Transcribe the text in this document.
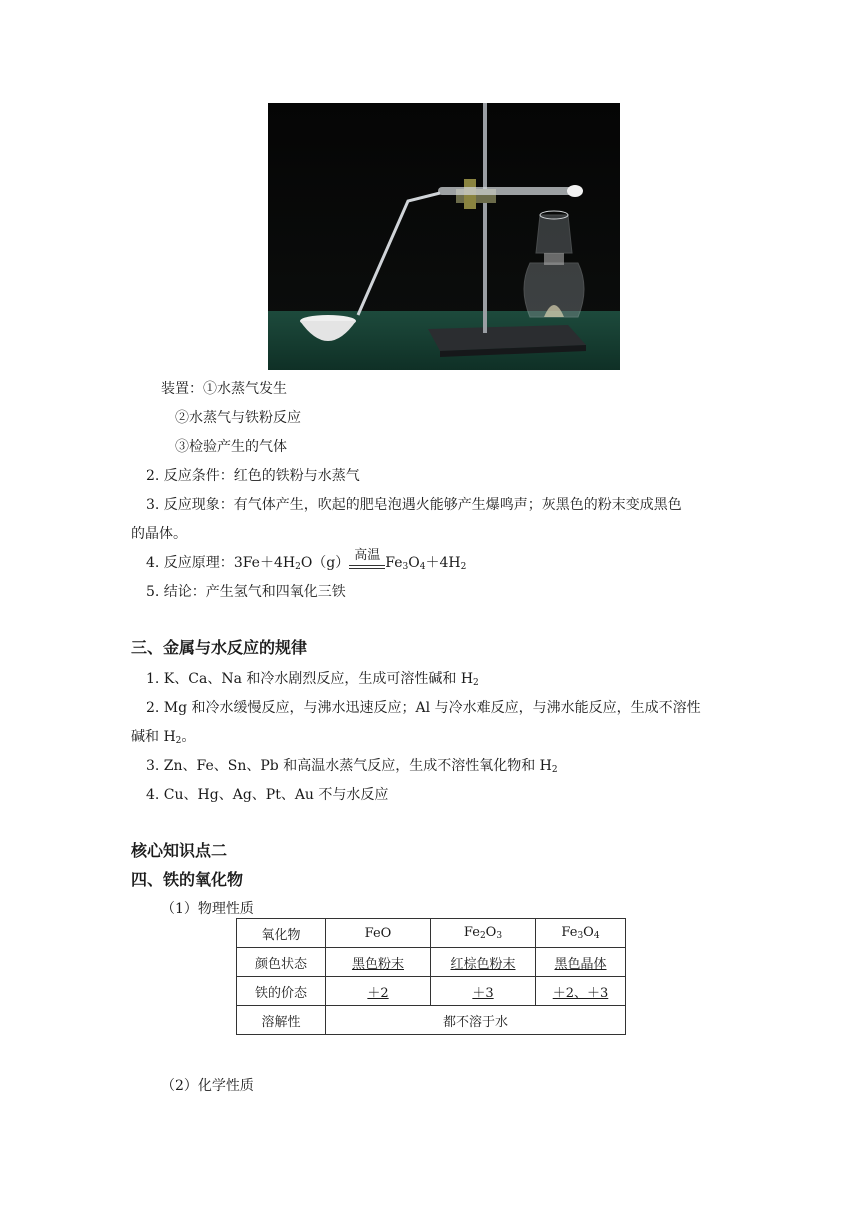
装置：①水蒸气发生
②水蒸气与铁粉反应
③检验产生的气体
2. 反应条件：红色的铁粉与水蒸气
3. 反应现象：有气体产生，吹起的肥皂泡遇火能够产生爆鸣声；灰黑色的粉末变成黑色
的晶体。
4. 反应原理：$3Fe+4H_2O(g)$ 高温 $Fe_3O_4+4H_2$
5. 结论：产生氢气和四氧化三铁
三、金属与水反应的规律
1. K、Ca、Na 和冷水剧烈反应，生成可溶性碱和 $H_2$
2. Mg 和冷水缓慢反应，与沸水迅速反应；Al 与冷水难反应，与沸水能反应，生成不溶性
碱和 $H_2$。
3. Zn、Fe、Sn、Pb 和高温水蒸气反应，生成不溶性氧化物和 $H_2$
4. Cu、Hg、Ag、Pt、Au 不与水反应
核心知识点二
四、铁的氧化物
（1）物理性质
氧化物	FeO	$Fe_2O_3$	$Fe_3O_4$
颜色状态	黑色粉末	红棕色粉末	黑色晶体
铁的价态	＋2	＋3	＋2、＋3
溶解性	都不溶于水		
（2）化学性质
